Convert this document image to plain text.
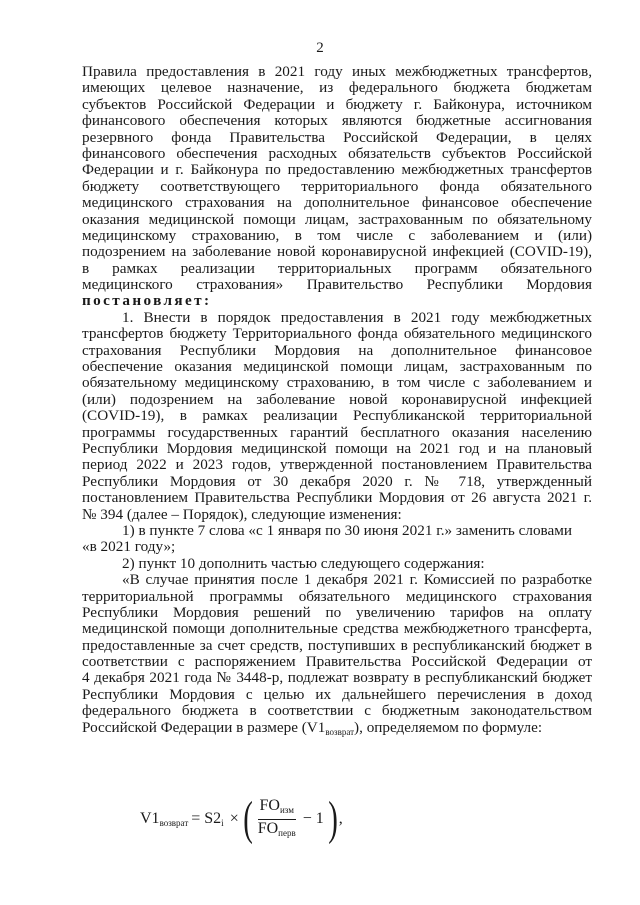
2
Правила предоставления в 2021 году иных межбюджетных трансфертов,
имеющих целевое назначение, из федерального бюджета бюджетам
субъектов Российской Федерации и бюджету г. Байконура, источником
финансового обеспечения которых являются бюджетные ассигнования
резервного фонда Правительства Российской Федерации, в целях
финансового обеспечения расходных обязательств субъектов Российской
Федерации и г. Байконура по предоставлению межбюджетных трансфертов
бюджету соответствующего территориального фонда обязательного
медицинского страхования на дополнительное финансовое обеспечение
оказания медицинской помощи лицам, застрахованным по обязательному
медицинскому страхованию, в том числе с заболеванием и (или)
подозрением на заболевание новой коронавирусной инфекцией (COVID-19),
в рамках реализации территориальных программ обязательного
медицинского страхования» Правительство Республики Мордовия
постановляет:
1. Внести в порядок предоставления в 2021 году межбюджетных
трансфертов бюджету Территориального фонда обязательного медицинского
страхования Республики Мордовия на дополнительное финансовое
обеспечение оказания медицинской помощи лицам, застрахованным по
обязательному медицинскому страхованию, в том числе с заболеванием и
(или) подозрением на заболевание новой коронавирусной инфекцией
(COVID-19), в рамках реализации Республиканской территориальной
программы государственных гарантий бесплатного оказания населению
Республики Мордовия медицинской помощи на 2021 год и на плановый
период 2022 и 2023 годов, утвержденной постановлением Правительства
Республики Мордовия от 30 декабря 2020 г. № 718, утвержденный
постановлением Правительства Республики Мордовия от 26 августа 2021 г.
№ 394 (далее – Порядок), следующие изменения:
1) в пункте 7 слова «с 1 января по 30 июня 2021 г.» заменить словами
«в 2021 году»;
2) пункт 10 дополнить частью следующего содержания:
«В случае принятия после 1 декабря 2021 г. Комиссией по разработке
территориальной программы обязательного медицинского страхования
Республики Мордовия решений по увеличению тарифов на оплату
медицинской помощи дополнительные средства межбюджетного трансферта,
предоставленные за счет средств, поступивших в республиканский бюджет в
соответствии с распоряжением Правительства Российской Федерации от
4 декабря 2021 года № 3448-р, подлежат возврату в республиканский бюджет
Республики Мордовия с целью их дальнейшего перечисления в доход
федерального бюджета в соответствии с бюджетным законодательством
Российской Федерации в размере $(V1_{возврат})$, определяемом по формуле:
$V1_{возврат} = S2_i$ × ( $\frac{FO_{изм}}{FO_{перв}} - 1$ ) ,
